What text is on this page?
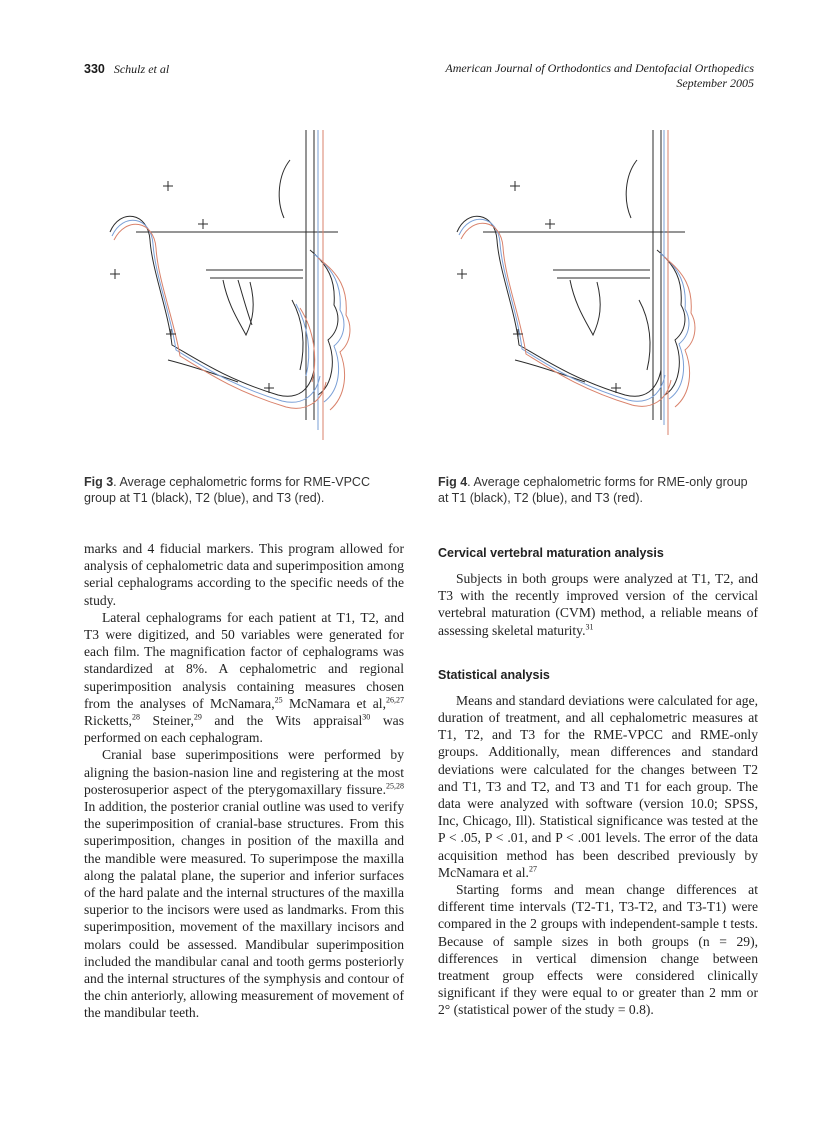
330 Schulz et al	American Journal of Orthodontics and Dentofacial Orthopedics
September 2005
Fig 3. Average cephalometric forms for RME-VPCC group at T1 (black), T2 (blue), and T3 (red).
Fig 4. Average cephalometric forms for RME-only group at T1 (black), T2 (blue), and T3 (red).

marks and 4 fiducial markers. This program allowed for analysis of cephalometric data and superimposition among serial cephalograms according to the specific needs of the study.

Lateral cephalograms for each patient at T1, T2, and T3 were digitized, and 50 variables were generated for each film. The magnification factor of cephalograms was standardized at 8%. A cephalometric and regional superimposition analysis containing measures chosen from the analyses of McNamara,$^{25}$ McNamara et al,$^{26,27}$ Ricketts,$^{28}$ Steiner,$^{29}$ and the Wits appraisal$^{30}$ was performed on each cephalogram.

Cranial base superimpositions were performed by aligning the basion-nasion line and registering at the most posterosuperior aspect of the pterygomaxillary fissure.$^{25,28}$ In addition, the posterior cranial outline was used to verify the superimposition of cranial-base structures. From this superimposition, changes in position of the maxilla and the mandible were measured. To superimpose the maxilla along the palatal plane, the superior and inferior surfaces of the hard palate and the internal structures of the maxilla superior to the incisors were used as landmarks. From this superimposition, movement of the maxillary incisors and molars could be assessed. Mandibular superimposition included the mandibular canal and tooth germs posteriorly and the internal structures of the symphysis and contour of the chin anteriorly, allowing measurement of movement of the mandibular teeth.

Cervical vertebral maturation analysis

Subjects in both groups were analyzed at T1, T2, and T3 with the recently improved version of the cervical vertebral maturation (CVM) method, a reliable means of assessing skeletal maturity.$^{31}$

Statistical analysis

Means and standard deviations were calculated for age, duration of treatment, and all cephalometric measures at T1, T2, and T3 for the RME-VPCC and RME-only groups. Additionally, mean differences and standard deviations were calculated for the changes between T2 and T1, T3 and T2, and T3 and T1 for each group. The data were analyzed with software (version 10.0; SPSS, Inc, Chicago, Ill). Statistical significance was tested at the P < .05, P < .01, and P < .001 levels. The error of the data acquisition method has been described previously by McNamara et al.$^{27}$

Starting forms and mean change differences at different time intervals (T2-T1, T3-T2, and T3-T1) were compared in the 2 groups with independent-sample t tests. Because of sample sizes in both groups (n = 29), differences in vertical dimension change between treatment group effects were considered clinically significant if they were equal to or greater than 2 mm or 2° (statistical power of the study = 0.8).
